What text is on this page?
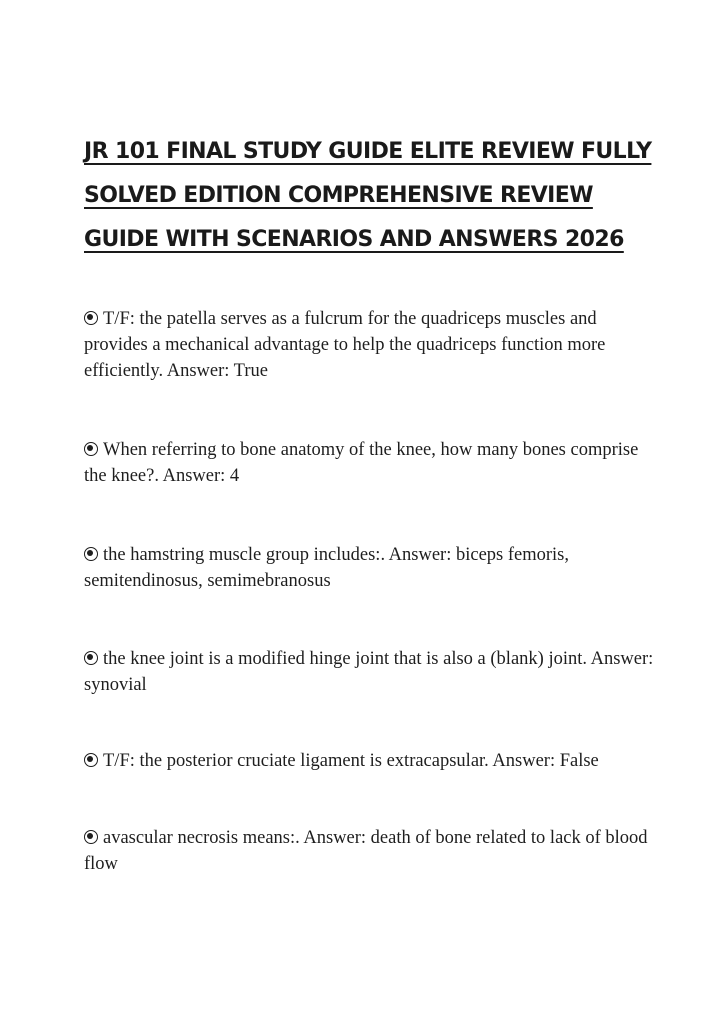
JR 101 FINAL STUDY GUIDE ELITE REVIEW FULLY
SOLVED EDITION COMPREHENSIVE REVIEW
GUIDE WITH SCENARIOS AND ANSWERS 2026
T/F: the patella serves as a fulcrum for the quadriceps muscles and provides a mechanical advantage to help the quadriceps function more efficiently. Answer: True
When referring to bone anatomy of the knee, how many bones comprise the knee?. Answer: 4
the hamstring muscle group includes:. Answer: biceps femoris, semitendinosus, semimebranosus
the knee joint is a modified hinge joint that is also a (blank) joint. Answer: synovial
T/F: the posterior cruciate ligament is extracapsular. Answer: False
avascular necrosis means:. Answer: death of bone related to lack of blood flow
